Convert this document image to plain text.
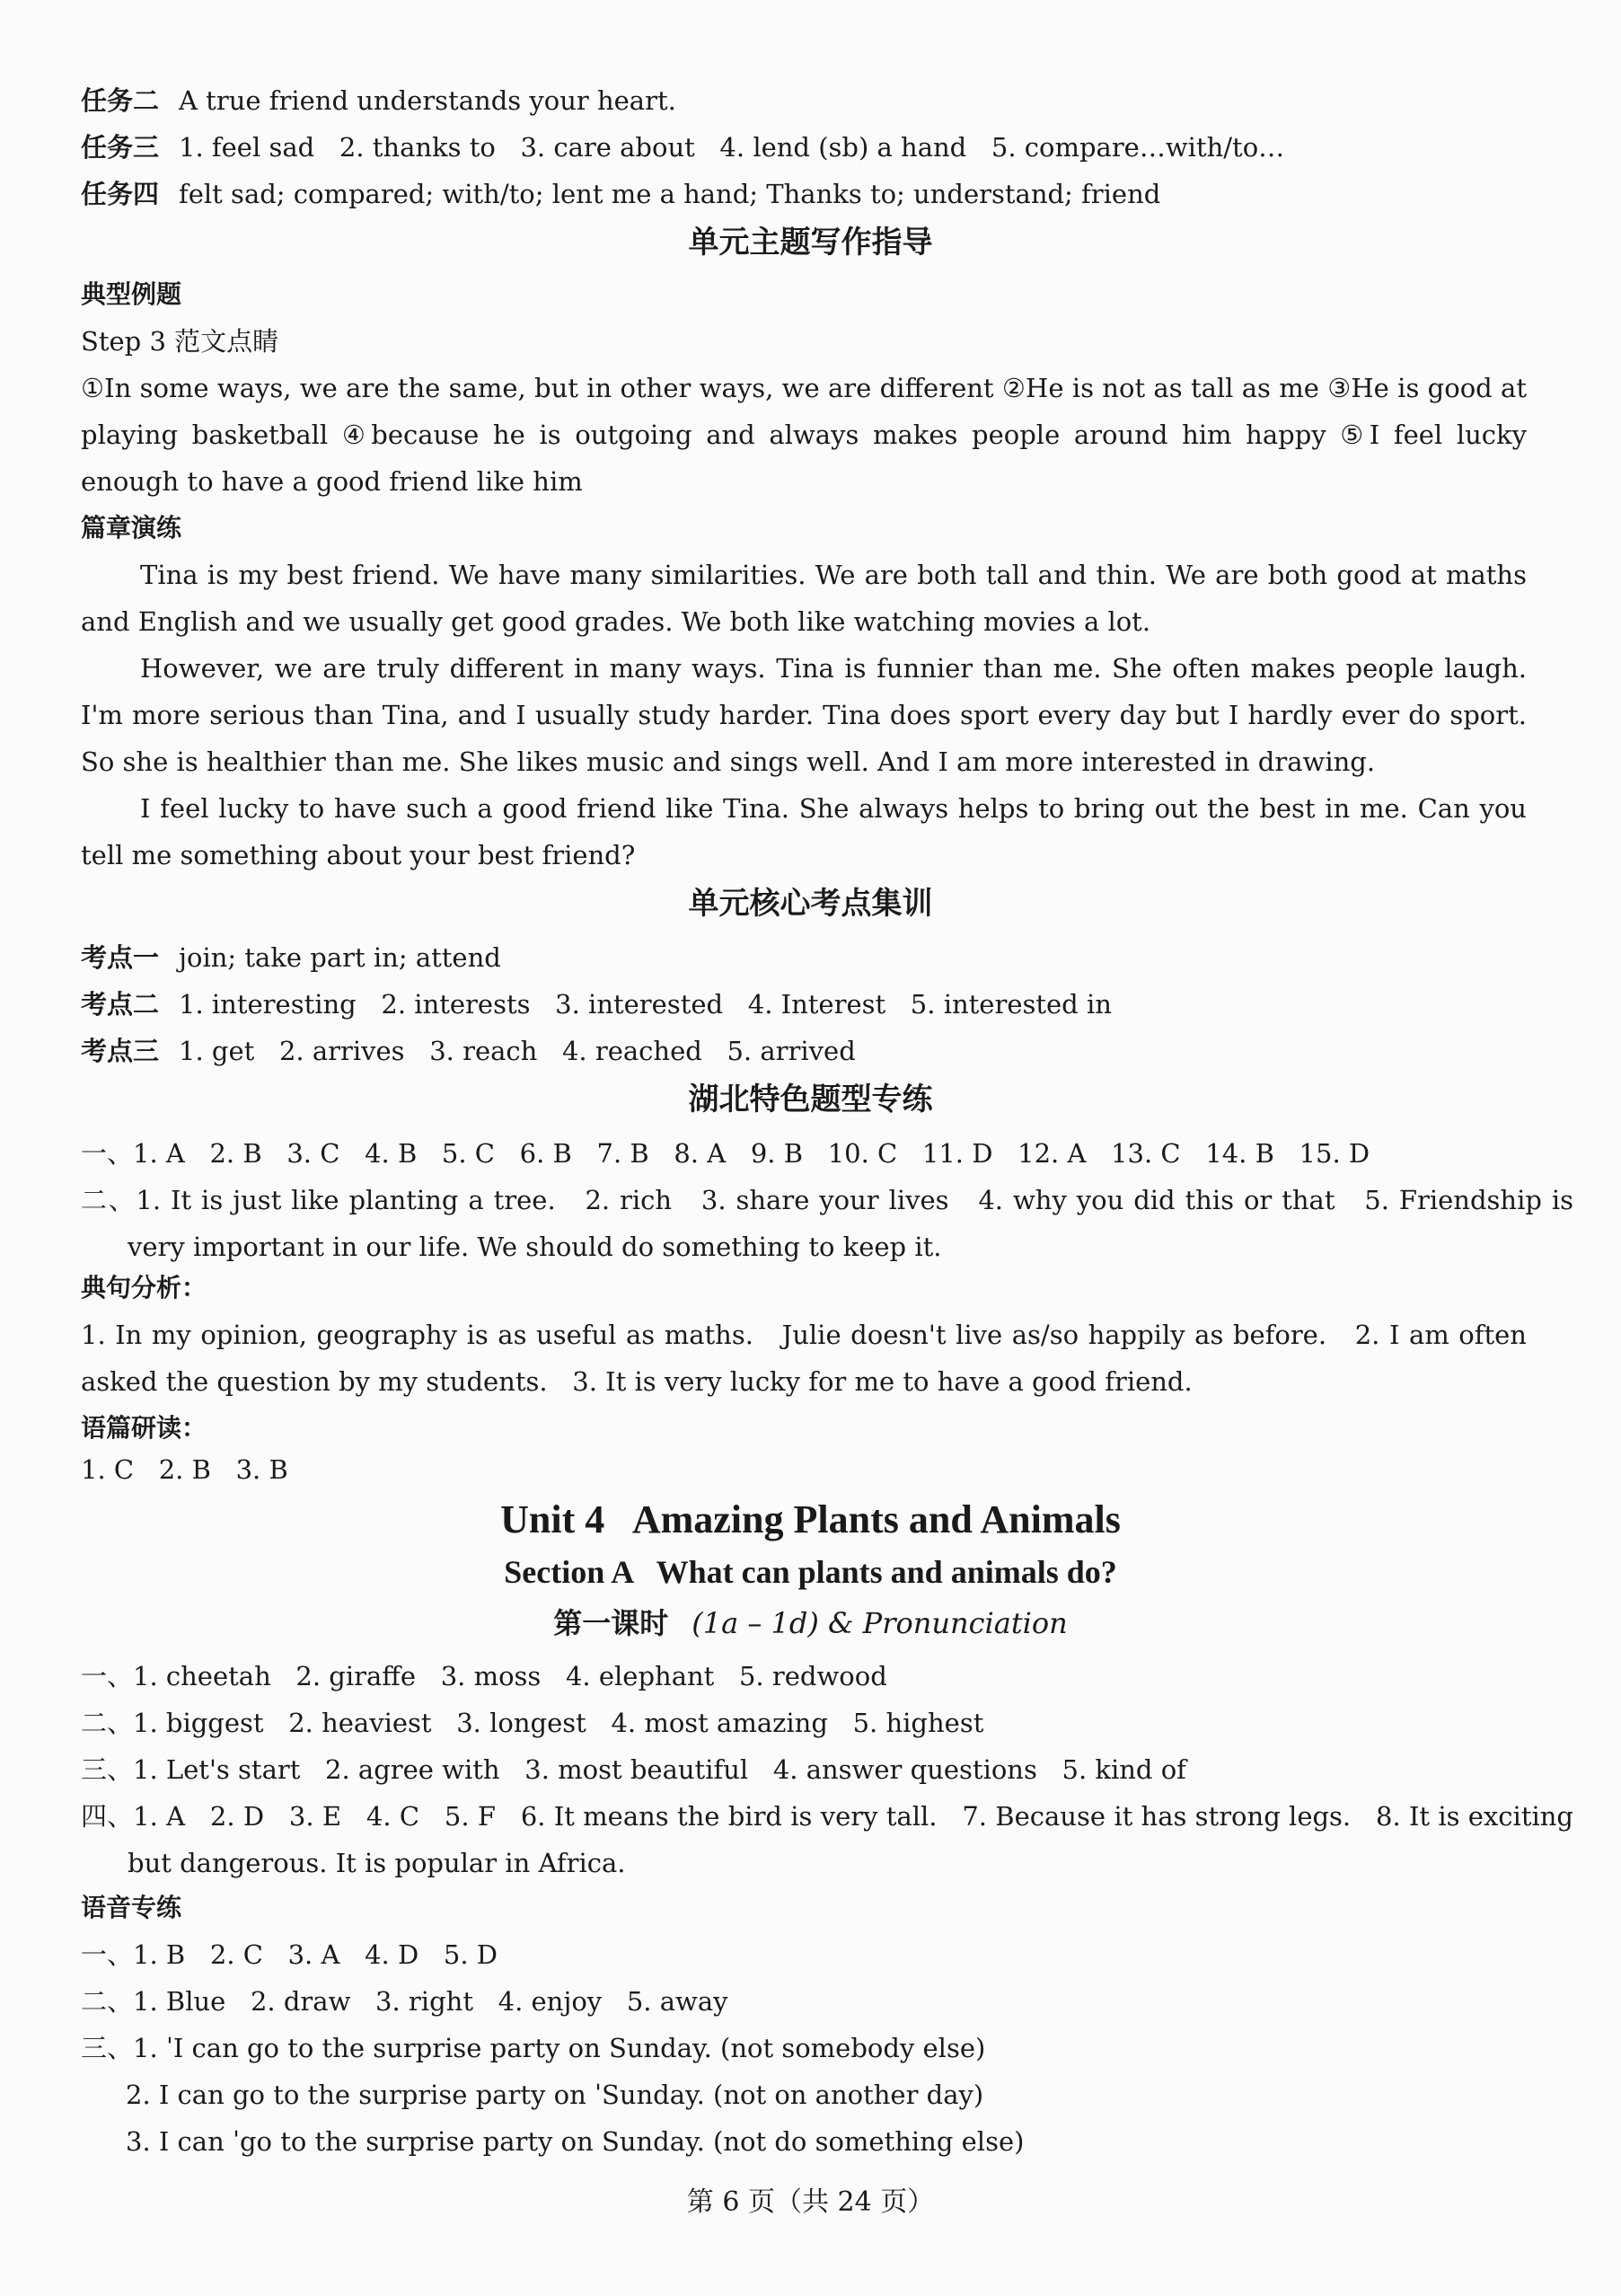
任务二 A true friend understands your heart.
任务三 1. feel sad   2. thanks to   3. care about   4. lend (sb) a hand   5. compare…with/to…
任务四 felt sad; compared; with/to; lent me a hand; Thanks to; understand; friend
单元主题写作指导
典型例题
Step 3 范文点睛
①In some ways, we are the same, but in other ways, we are different ②He is not as tall as me ③He is good at playing basketball ④because he is outgoing and always makes people around him happy ⑤I feel lucky enough to have a good friend like him
篇章演练
Tina is my best friend. We have many similarities. We are both tall and thin. We are both good at maths and English and we usually get good grades. We both like watching movies a lot.
However, we are truly different in many ways. Tina is funnier than me. She often makes people laugh. I'm more serious than Tina, and I usually study harder. Tina does sport every day but I hardly ever do sport. So she is healthier than me. She likes music and sings well. And I am more interested in drawing.
I feel lucky to have such a good friend like Tina. She always helps to bring out the best in me. Can you tell me something about your best friend?
单元核心考点集训
考点一 join; take part in; attend
考点二 1. interesting   2. interests   3. interested   4. Interest   5. interested in
考点三 1. get   2. arrives   3. reach   4. reached   5. arrived
湖北特色题型专练
一、1. A   2. B   3. C   4. B   5. C   6. B   7. B   8. A   9. B   10. C   11. D   12. A   13. C   14. B   15. D
二、1. It is just like planting a tree.   2. rich   3. share your lives   4. why you did this or that   5. Friendship is very important in our life. We should do something to keep it.
典句分析：
1. In my opinion, geography is as useful as maths.   Julie doesn't live as/so happily as before.   2. I am often asked the question by my students.   3. It is very lucky for me to have a good friend.
语篇研读：
1. C   2. B   3. B
Unit 4   Amazing Plants and Animals
Section A   What can plants and animals do?
第一课时 (1a – 1d) & Pronunciation
一、1. cheetah   2. giraffe   3. moss   4. elephant   5. redwood
二、1. biggest   2. heaviest   3. longest   4. most amazing   5. highest
三、1. Let's start   2. agree with   3. most beautiful   4. answer questions   5. kind of
四、1. A   2. D   3. E   4. C   5. F   6. It means the bird is very tall.   7. Because it has strong legs.   8. It is exciting but dangerous. It is popular in Africa.
语音专练
一、1. B   2. C   3. A   4. D   5. D
二、1. Blue   2. draw   3. right   4. enjoy   5. away
三、1. ˈI can go to the surprise party on Sunday. (not somebody else)
2. I can go to the surprise party on ˈSunday. (not on another day)
3. I can ˈgo to the surprise party on Sunday. (not do something else)
第 6 页（共 24 页）
